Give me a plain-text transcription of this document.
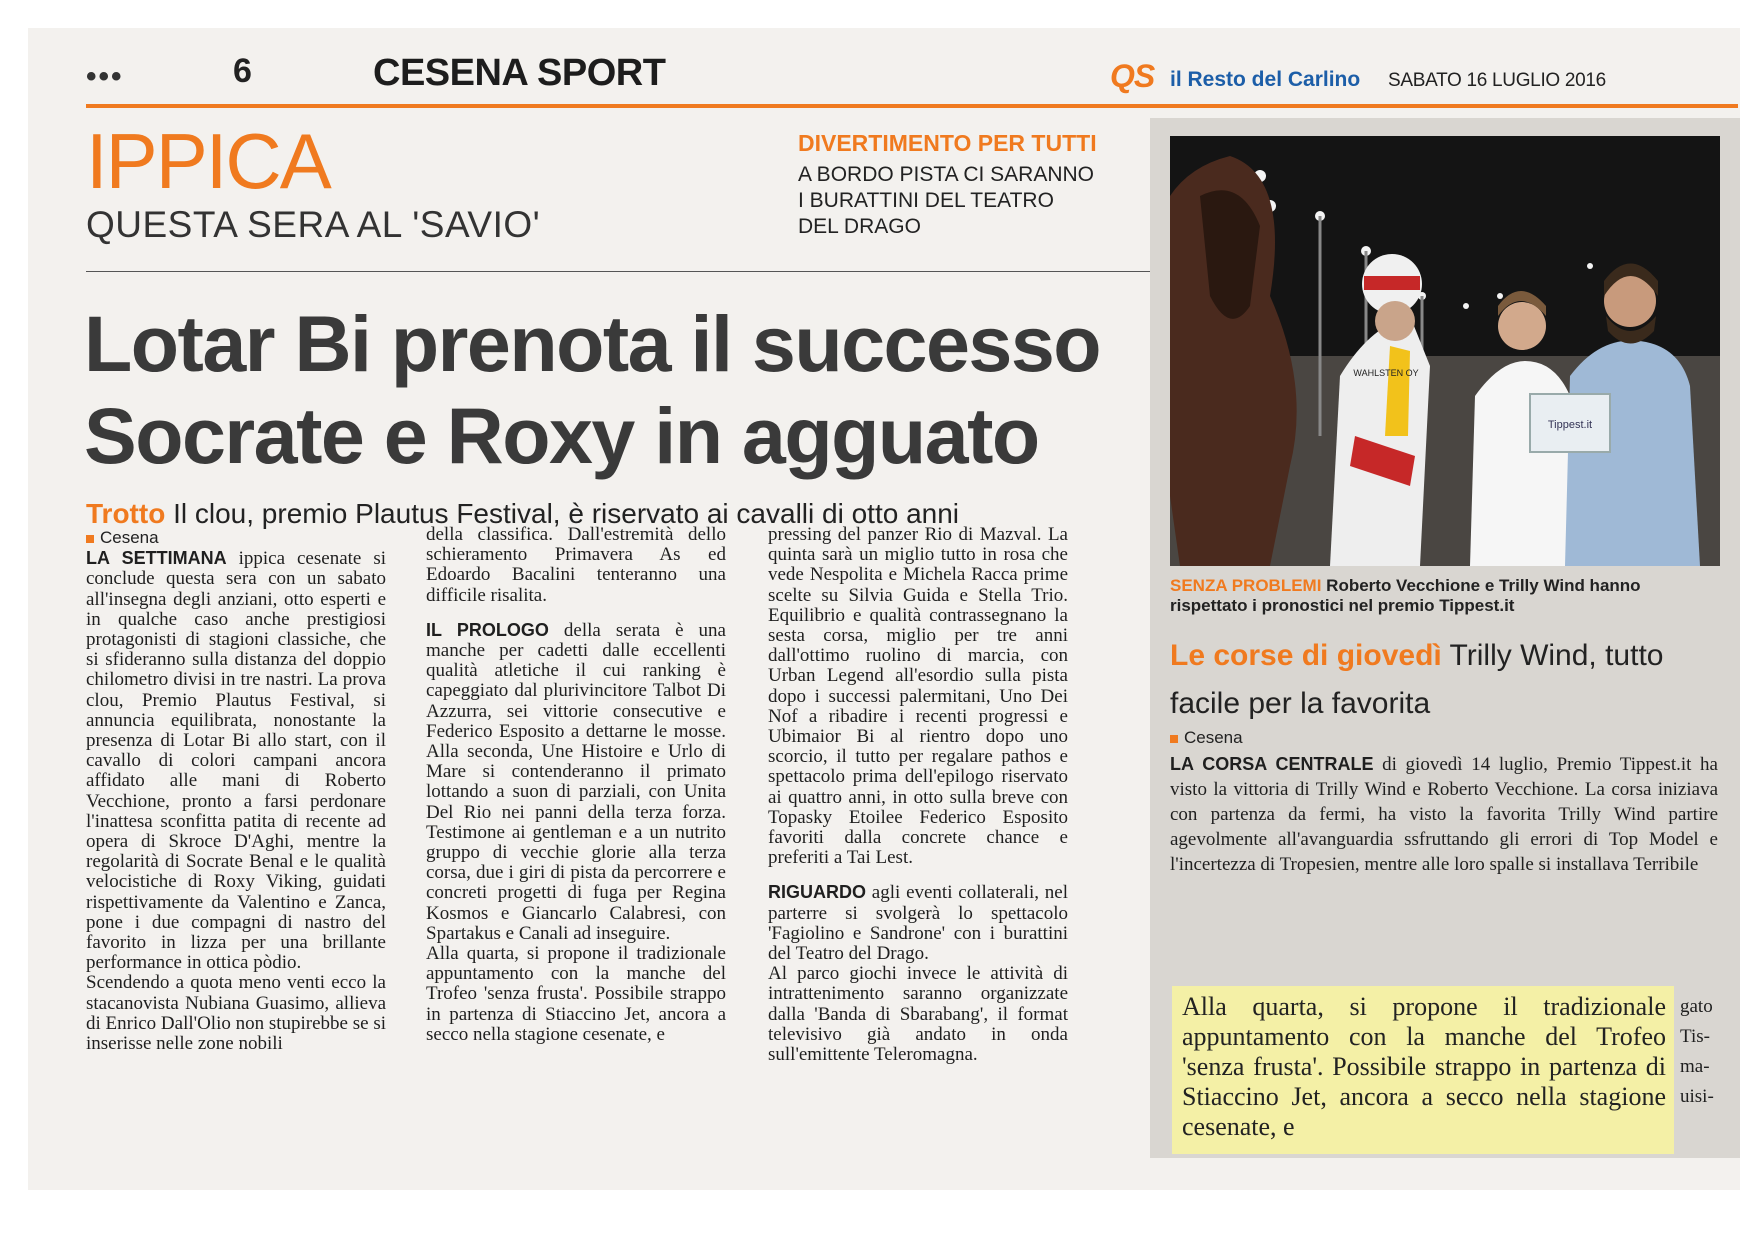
•••	6	CESENA SPORT	QS il Resto del Carlino SABATO 16 LUGLIO 2016
IPPICA
QUESTA SERA AL 'SAVIO'
DIVERTIMENTO PER TUTTI
A BORDO PISTA CI SARANNO
I BURATTINI DEL TEATRO
DEL DRAGO
Lotar Bi prenota il successo
Socrate e Roxy in agguato
Trotto Il clou, premio Plautus Festival, è riservato ai cavalli di otto anni
Cesena

LA SETTIMANA ippica cesenate si conclude questa sera con un sabato all'insegna degli anziani, otto esperti e in qualche caso anche prestigiosi protagonisti di stagioni classiche, che si sfideranno sulla distanza del doppio chilometro divisi in tre nastri. La prova clou, Premio Plautus Festival, si annuncia equilibrata, nonostante la presenza di Lotar Bi allo start, con il cavallo di colori campani ancora affidato alle mani di Roberto Vecchione, pronto a farsi perdonare l'inattesa sconfitta patita di recente ad opera di Skroce D'Aghi, mentre la regolarità di Socrate Benal e le qualità velocistiche di Roxy Viking, guidati rispettivamente da Valentino e Zanca, pone i due compagni di nastro del favorito in lizza per una brillante performance in ottica pòdio.

Scendendo a quota meno venti ecco la stacanovista Nubiana Guasimo, allieva di Enrico Dall'Olio non stupirebbe se si inserisse nelle zone nobili

della classifica. Dall'estremità dello schieramento Primavera As ed Edoardo Bacalini tenteranno una difficile risalita.

IL PROLOGO della serata è una manche per cadetti dalle eccellenti qualità atletiche il cui ranking è capeggiato dal plurivincitore Talbot Di Azzurra, sei vittorie consecutive e Federico Esposito a dettarne le mosse. Alla seconda, Une Histoire e Urlo di Mare si contenderanno il primato lottando a suon di parziali, con Unita Del Rio nei panni della terza forza. Testimone ai gentleman e a un nutrito gruppo di vecchie glorie alla terza corsa, due i giri di pista da percorrere e concreti progetti di fuga per Regina Kosmos e Giancarlo Calabresi, con Spartakus e Canali ad inseguire.

Alla quarta, si propone il tradizionale appuntamento con la manche del Trofeo 'senza frusta'. Possibile strappo in partenza di Stiaccino Jet, ancora a secco nella stagione cesenate, e

pressing del panzer Rio di Mazval. La quinta sarà un miglio tutto in rosa che vede Nespolita e Michela Racca prime scelte su Silvia Guida e Stella Trio. Equilibrio e qualità contrassegnano la sesta corsa, miglio per tre anni dall'ottimo ruolino di marcia, con Urban Legend all'esordio sulla pista dopo i successi palermitani, Uno Dei Nof a ribadire i recenti progressi e Ubimaior Bi al rientro dopo uno scorcio, il tutto per regalare pathos e spettacolo prima dell'epilogo riservato ai quattro anni, in otto sulla breve con Topasky Etoilee Federico Esposito favoriti dalla concrete chance e preferiti a Tai Lest.

RIGUARDO agli eventi collaterali, nel parterre si svolgerà lo spettacolo 'Fagiolino e Sandrone' con i burattini del Teatro del Drago.

Al parco giochi invece le attività di intrattenimento saranno organizzate dalla 'Banda di Sbarabang', il format televisivo già andato in onda sull'emittente Teleromagna.

Tippest.it
WAHLSTEN OY
SENZA PROBLEMI Roberto Vecchione e Trilly Wind hanno rispettato i pronostici nel premio Tippest.it
Le corse di giovedì Trilly Wind, tutto facile per la favorita
Cesena

LA CORSA CENTRALE di giovedì 14 luglio, Premio Tippest.it ha visto la vittoria di Trilly Wind e Roberto Vecchione. La corsa iniziava con partenza da fermi, ha visto la favorita Trilly Wind partire agevolmente all'avanguardia ssfruttando gli errori di Top Model e l'incertezza di Tropesien, mentre alle loro spalle si installava Terribile

Alla quarta, si propone il tradizionale appuntamento con la manche del Trofeo 'senza frusta'. Possibile strappo in partenza di Stiaccino Jet, ancora a secco nella stagione cesenate, e
gato
Tis-
ma-
uisi-
